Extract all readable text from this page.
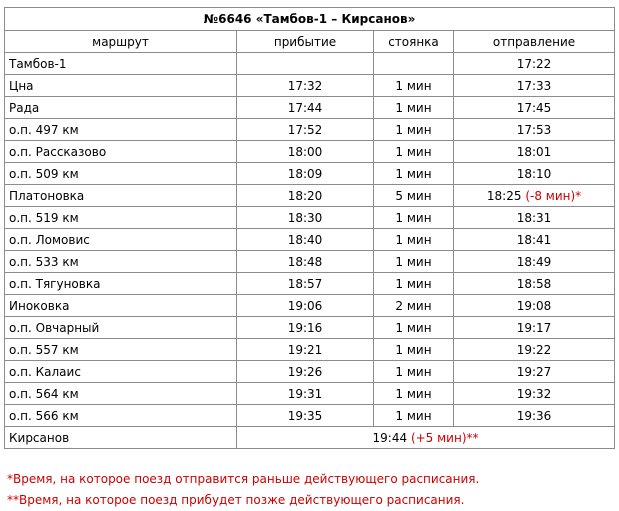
№6646 «Тамбов-1 – Кирсанов»			
маршрут	прибытие	стоянка	отправление
Тамбов-1			17:22
Цна	17:32	1 мин	17:33
Рада	17:44	1 мин	17:45
о.п. 497 км	17:52	1 мин	17:53
о.п. Рассказово	18:00	1 мин	18:01
о.п. 509 км	18:09	1 мин	18:10
Платоновка	18:20	5 мин	18:25 (-8 мин)*
о.п. 519 км	18:30	1 мин	18:31
о.п. Ломовис	18:40	1 мин	18:41
о.п. 533 км	18:48	1 мин	18:49
о.п. Тягуновка	18:57	1 мин	18:58
Иноковка	19:06	2 мин	19:08
о.п. Овчарный	19:16	1 мин	19:17
о.п. 557 км	19:21	1 мин	19:22
о.п. Калаис	19:26	1 мин	19:27
о.п. 564 км	19:31	1 мин	19:32
о.п. 566 км	19:35	1 мин	19:36
Кирсанов	19:44 (+5 мин)**		
*Время, на которое поезд отправится раньше действующего расписания.
**Время, на которое поезд прибудет позже действующего расписания.
